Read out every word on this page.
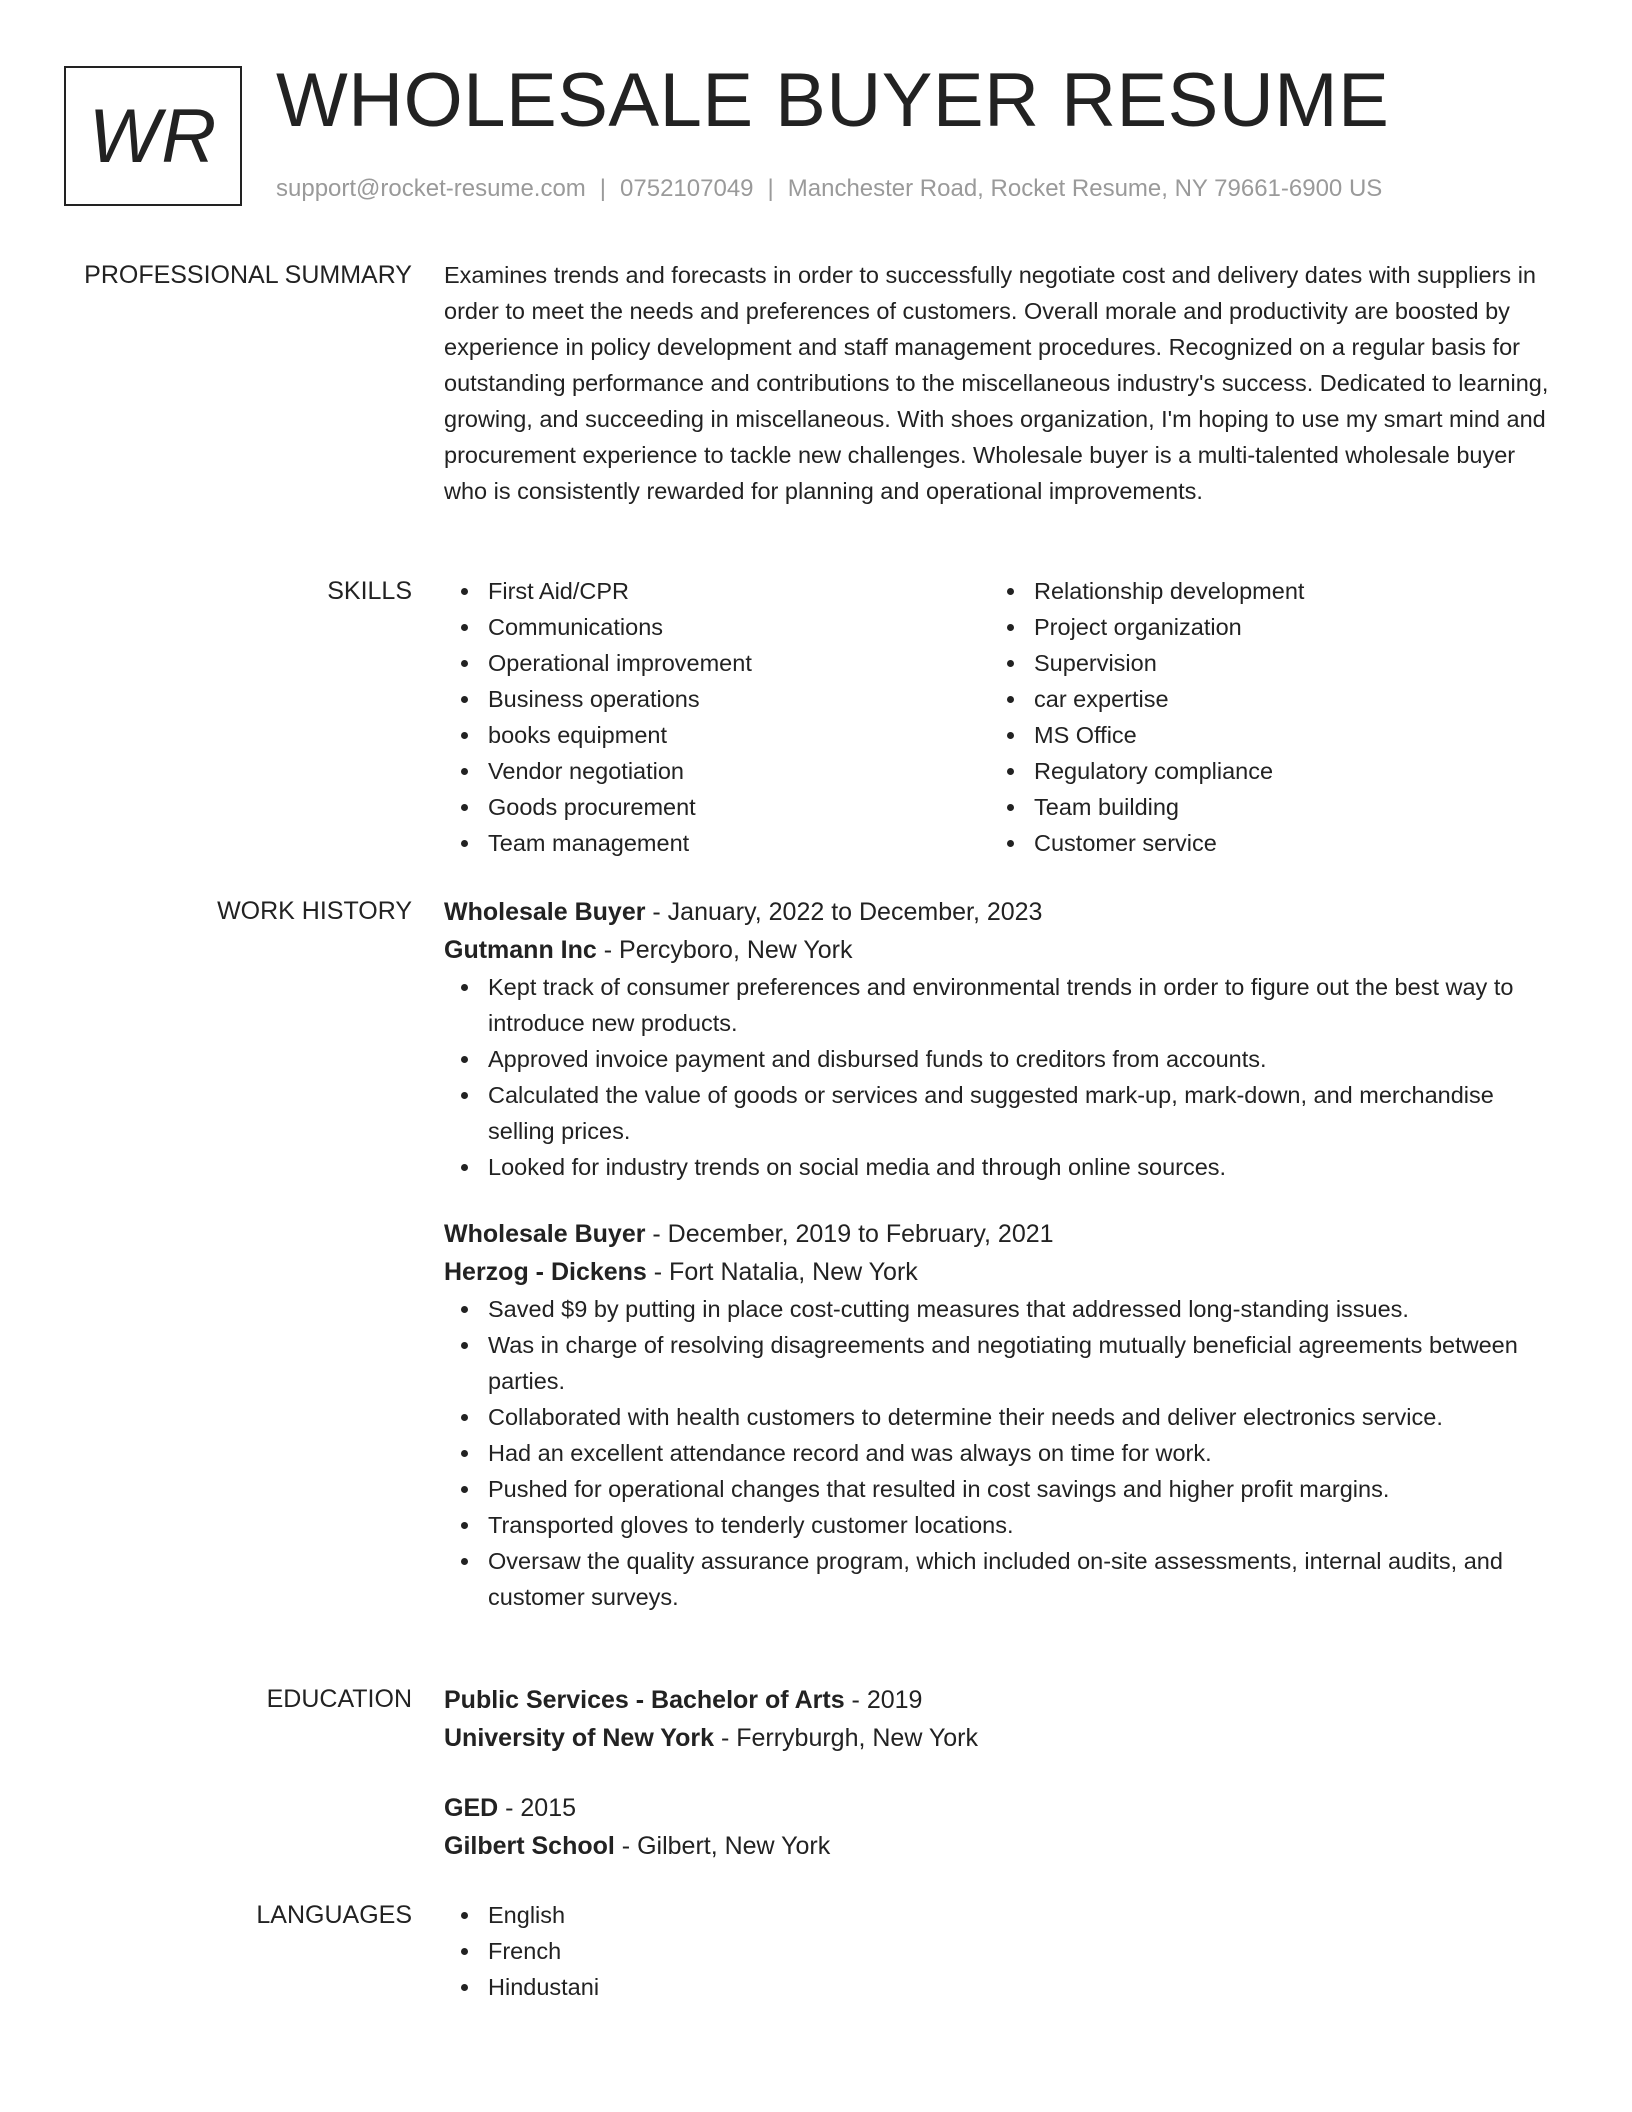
WR WHOLESALE BUYER RESUME
support@rocket-resume.com | 0752107049 | Manchester Road, Rocket Resume, NY 79661-6900 US
PROFESSIONAL SUMMARY Examines trends and forecasts in order to successfully negotiate cost and delivery dates with suppliers in order to meet the needs and preferences of customers. Overall morale and productivity are boosted by experience in policy development and staff management procedures. Recognized on a regular basis for outstanding performance and contributions to the miscellaneous industry's success. Dedicated to learning, growing, and succeeding in miscellaneous. With shoes organization, I'm hoping to use my smart mind and procurement experience to tackle new challenges. Wholesale buyer is a multi-talented wholesale buyer who is consistently rewarded for planning and operational improvements.

SKILLS	First Aid/CPR
Communications
Operational improvement
Business operations
books equipment
Vendor negotiation
Goods procurement
Team management
Relationship development
Project organization
Supervision
car expertise
MS Office
Regulatory compliance
Team building
Customer service
WORK HISTORY Wholesale Buyer - January, 2022 to December, 2023
Gutmann Inc - Percyboro, New York
Kept track of consumer preferences and environmental trends in order to figure out the best way to introduce new products.
Approved invoice payment and disbursed funds to creditors from accounts.
Calculated the value of goods or services and suggested mark-up, mark-down, and merchandise selling prices.
Looked for industry trends on social media and through online sources.
Wholesale Buyer - December, 2019 to February, 2021
Herzog - Dickens - Fort Natalia, New York
Saved $9 by putting in place cost-cutting measures that addressed long-standing issues.
Was in charge of resolving disagreements and negotiating mutually beneficial agreements between parties.
Collaborated with health customers to determine their needs and deliver electronics service.
Had an excellent attendance record and was always on time for work.
Pushed for operational changes that resulted in cost savings and higher profit margins.
Transported gloves to tenderly customer locations.
Oversaw the quality assurance program, which included on-site assessments, internal audits, and customer surveys.
EDUCATION Public Services - Bachelor of Arts - 2019
University of New York - Ferryburgh, New York
GED - 2015
Gilbert School - Gilbert, New York
LANGUAGES	English
French
Hindustani
